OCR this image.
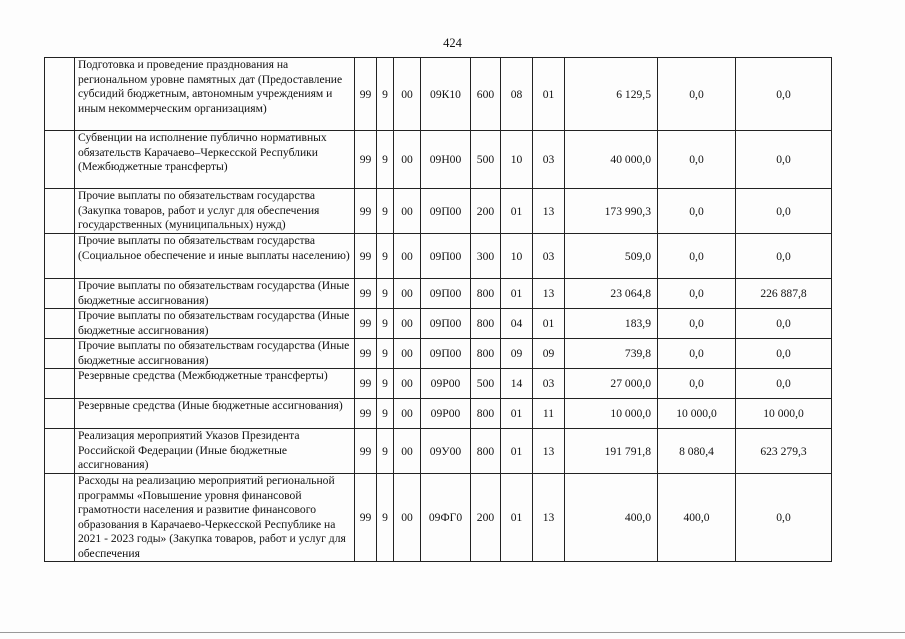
424
	Подготовка и проведение празднования на региональном уровне памятных дат (Предоставление субсидий бюджетным, автономным учреждениям и иным некоммерческим организациям)	99	9	00	09К10	600	08	01	6 129,5	0,0	0,0
	Субвенции на исполнение публично нормативных обязательств Карачаево–Черкесской Республики (Межбюджетные трансферты)	99	9	00	09Н00	500	10	03	40 000,0	0,0	0,0
	Прочие выплаты по обязательствам государства (Закупка товаров, работ и услуг для обеспечения государственных (муниципальных) нужд)	99	9	00	09П00	200	01	13	173 990,3	0,0	0,0
	Прочие выплаты по обязательствам государства (Социальное обеспечение и иные выплаты населению)	99	9	00	09П00	300	10	03	509,0	0,0	0,0
	Прочие выплаты по обязательствам государства (Иные бюджетные ассигнования)	99	9	00	09П00	800	01	13	23 064,8	0,0	226 887,8
	Прочие выплаты по обязательствам государства (Иные бюджетные ассигнования)	99	9	00	09П00	800	04	01	183,9	0,0	0,0
	Прочие выплаты по обязательствам государства (Иные бюджетные ассигнования)	99	9	00	09П00	800	09	09	739,8	0,0	0,0
	Резервные средства (Межбюджетные трансферты)	99	9	00	09Р00	500	14	03	27 000,0	0,0	0,0
	Резервные средства (Иные бюджетные ассигнования)	99	9	00	09Р00	800	01	11	10 000,0	10 000,0	10 000,0
	Реализация мероприятий Указов Президента Российской Федерации (Иные бюджетные ассигнования)	99	9	00	09У00	800	01	13	191 791,8	8 080,4	623 279,3
	Расходы на реализацию мероприятий региональной программы «Повышение уровня финансовой грамотности населения и развитие финансового образования в Карачаево-Черкесской Республике на 2021 - 2023 годы» (Закупка товаров, работ и услуг для обеспечения	99	9	00	09ФГ0	200	01	13	400,0	400,0	0,0
